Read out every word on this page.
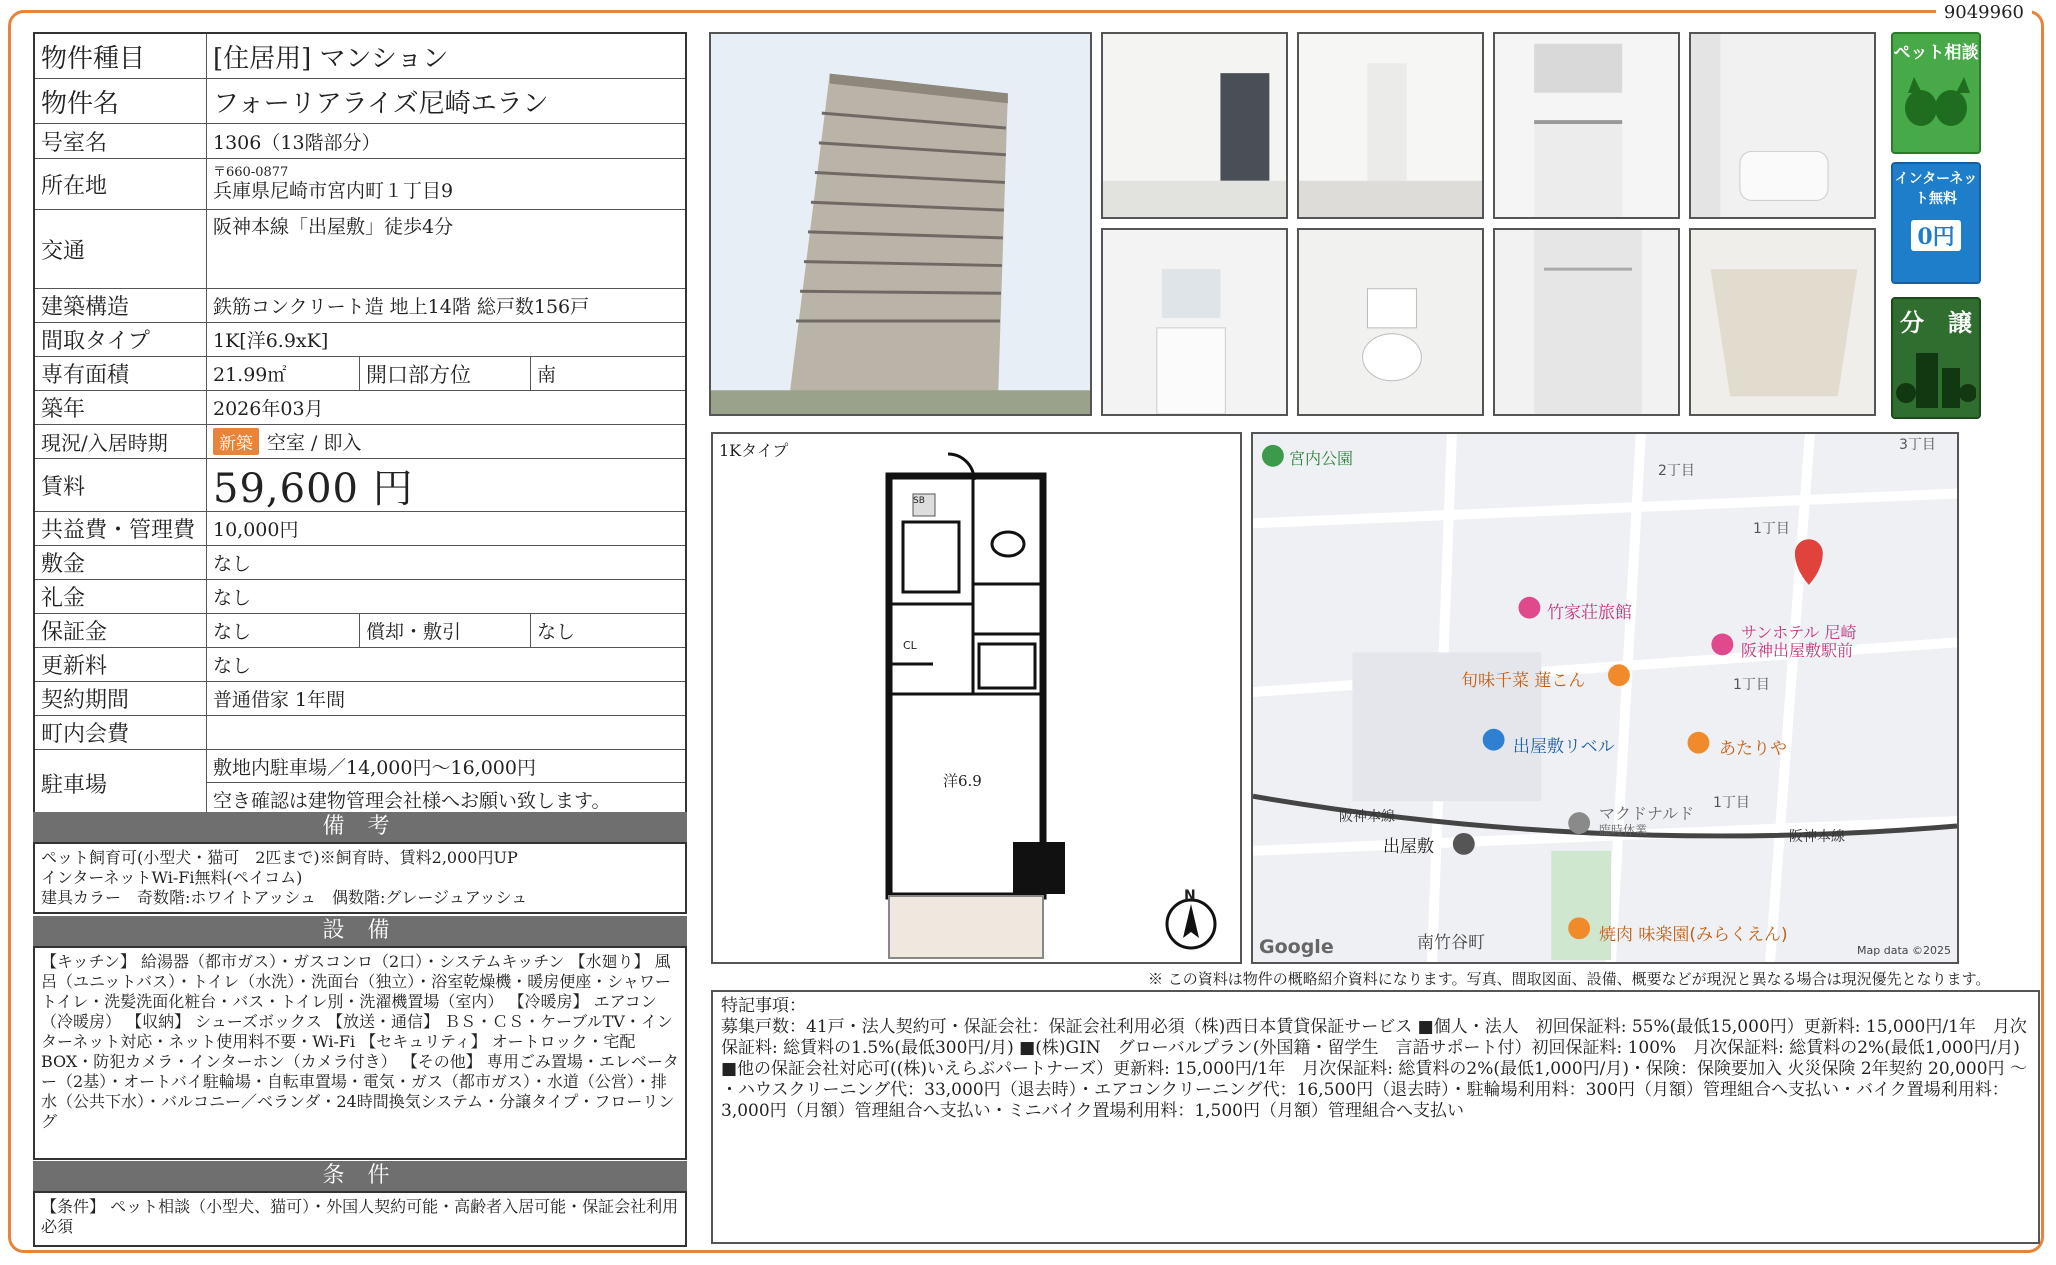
9049960
物件種目	[住居用] マンション
物件名	フォーリアライズ尼崎エラン
号室名	1306（13階部分）
所在地
〒660-0877
兵庫県尼崎市宮内町１丁目9
交通
阪神本線「出屋敷」徒歩4分
建築構造	鉄筋コンクリート造 地上14階 総戸数156戸
間取タイプ	1K[洋6.9xK]
専有面積	21.99㎡	開口部方位	南
築年	2026年03月
現況/入居時期	新築 空室 / 即入
賃料	59,600 円
共益費・管理費 10,000円
敷金	なし
礼金	なし
保証金	なし	償却・敷引	なし
更新料	なし
契約期間	普通借家 1年間
町内会費
駐車場
敷地内駐車場／14,000円～16,000円
空き確認は建物管理会社様へお願い致します。
備 考
ペット飼育可(小型犬・猫可　2匹まで)※飼育時、賃料2,000円UP
インターネットWi-Fi無料(ペイコム)
建具カラー　奇数階:ホワイトアッシュ　偶数階:グレージュアッシュ
設 備
【キッチン】 給湯器（都市ガス）・ガスコンロ（2口）・システムキッチン 【水廻り】 風呂（ユニットバス）・トイレ（水洗）・洗面台（独立）・浴室乾燥機・暖房便座・シャワートイレ・洗髪洗面化粧台・バス・トイレ別・洗濯機置場（室内） 【冷暖房】 エアコン（冷暖房） 【収納】 シューズボックス 【放送・通信】 ＢＳ・ＣＳ・ケーブルTV・インターネット対応・ネット使用料不要・Wi-Fi 【セキュリティ】 オートロック・宅配BOX・防犯カメラ・インターホン（カメラ付き） 【その他】 専用ごみ置場・エレベーター（2基）・オートバイ駐輪場・自転車置場・電気・ガス（都市ガス）・水道（公営）・排水（公共下水）・バルコニー／ベランダ・24時間換気システム・分譲タイプ・フローリング
条 件
【条件】 ペット相談（小型犬、猫可）・外国人契約可能・高齢者入居可能・保証会社利用必須
ペット相談
インターネット無料
0円
分　譲
1Kタイプ
洋6.9
CL
SB
N
宮内公園
3丁目
2丁目
1丁目
1丁目
1丁目
竹家荘旅館
サンホテル 尼崎
阪神出屋敷駅前
旬味千菜 蓮こん
あたりや
出屋敷リベル
マクドナルド
臨時休業
阪神本線
阪神本線
出屋敷
焼肉 味楽園(みらくえん)
南竹谷町
Google	Map data ©2025
※ この資料は物件の概略紹介資料になります。写真、間取図面、設備、概要などが現況と異なる場合は現況優先となります。
特記事項：
募集戸数：41戸・法人契約可・保証会社：保証会社利用必須（株)西日本賃貸保証サービス ■個人・法人　初回保証料: 55%(最低15,000円）更新料: 15,000円/1年　月次保証料: 総賃料の1.5%(最低300円/月) ■(株)GIN　グローバルプラン(外国籍・留学生　言語サポート付）初回保証料: 100%　月次保証料: 総賃料の2%(最低1,000円/月) ■他の保証会社対応可((株)いえらぶパートナーズ）更新料: 15,000円/1年　月次保証料: 総賃料の2%(最低1,000円/月)・保険：保険要加入 火災保険 2年契約 20,000円 ～ ・ハウスクリーニング代：33,000円（退去時）・エアコンクリーニング代：16,500円（退去時）・駐輪場利用料：300円（月額）管理組合へ支払い・バイク置場利用料：3,000円（月額）管理組合へ支払い・ミニバイク置場利用料：1,500円（月額）管理組合へ支払い
